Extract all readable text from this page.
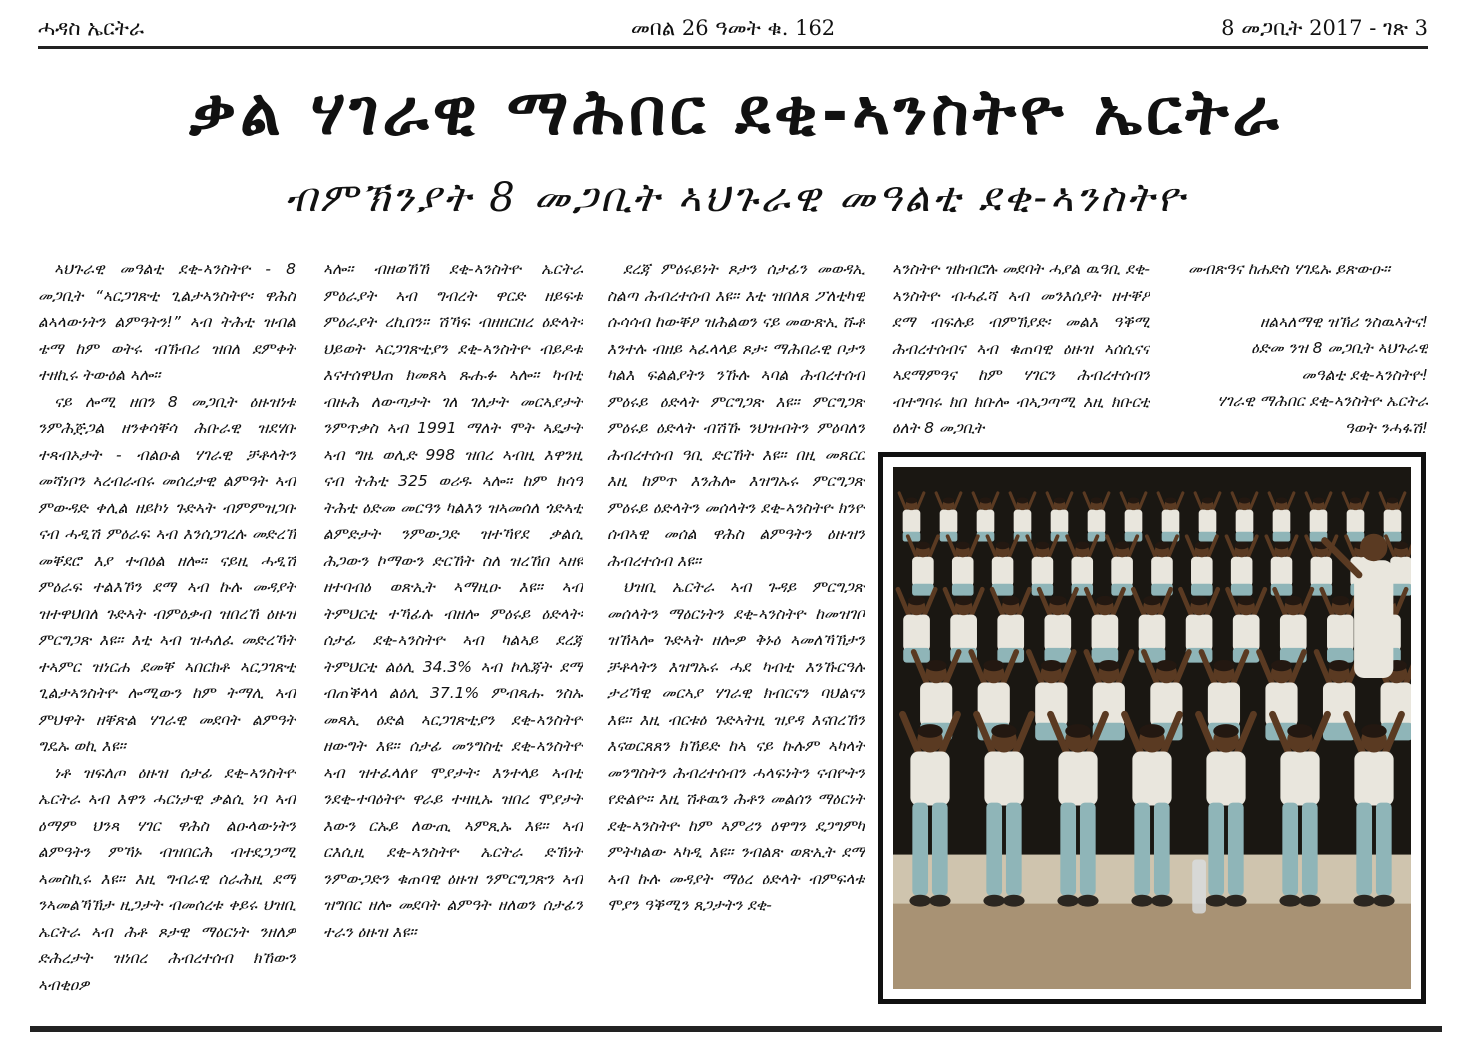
ሓዳስ ኤርትራ	መበል 26 ዓመት ቁ. 162	8 መጋቢት 2017 - ገጽ 3
ቃል ሃገራዊ ማሕበር ደቂ-ኣንስትዮ ኤርትራ
ብምኽንያት 8 መጋቢት ኣህጉራዊ መዓልቲ ደቂ-ኣንስትዮ

ኣህጉራዊ መዓልቲ ደቂ-ኣንስትዮ - 8 መጋቢት “ኣርጋገጽቲ ጊልታኣንስትዮ፡ ዋሕስ ልኣላውነትን ልምዓትን!” ኣብ ትሕቲ ዝብል ቴማ ከም ወትሩ ብኽብሪ ዝበለ ደምቀት ተዘኪሩ ትውዕል ኣሎ።

ናይ ሎሚ ዘበን 8 መጋቢት ዕዙዝነቱ ንምሕጅጋል ዘንቀሳቐሳ ሕቡራዊ ዝደሃቡ ተጻብኦታት - ብልዑል ሃገራዊ ቻቶላትን መሻነቦን ኣረብራብሩ መሰረታዊ ልምዓት ኣብ ምውዳድ ቀሊል ዘይኮነ ጉድኣት ብምምዝጋቡ ናብ ሓዲሽ ምዕራፍ ኣብ እንሰጋገረሉ መድረኽ መቐደሮ እያ ተብዕል ዘሎ። ናይዚ ሓዲሽ ምዕራፍ ተልእኾን ደማ ኣብ ኩሉ መዳያት ዝተዋህበለ ጉድኣት ብምዕቃብ ዝበረኸ ዕዙዝ ምርግጋጽ እዩ። እቲ ኣብ ዝሓለፈ መድረኻት ተኣምር ዝነርሐ ደመቐ ኣበርክቶ ኣርጋገጽቲ ጊልታኣንስትዮ ሎሚውን ከም ትማሊ ኣብ ምህዋት ዘቐጽል ሃገራዊ መደባት ልምዓት ግዴኡ ወኪ እዩ።

ነቶ ዝፍለጦ ዕዙዝ ሰታፊ ደቂ-ኣንስትዮ ኤርትራ ኣብ እዋን ሓርነታዊ ቃልሲ ነባ ኣብ ዕማም ህንጻ ሃገር ዋሕስ ልዑላውነትን ልምዓትን ምኻኑ ብዝበርሕ ብተደጋጋሚ ኣመስኪሩ እዩ። እዚ ግብራዊ ሰራሕዚ ደማ ንኣመልኻኽታ ዚጋታት ብመሰረቱ ቀይሩ ህዝቢ ኤርትራ ኣብ ሕቶ ጾታዊ ማዕርነት ንዘለዎ ድሕረታት ዝነበረ ሕብረተሰብ ክኸውን ኣብቂዐዎ

ኣሎ። ብዘወኸኸ ደቂ-ኣንስትዮ ኤርትራ ምዕራያት ኣብ ግብረት ዋርድ ዘይፍቱ ምዕራያት ረኪበን። ሽኻፍ ብዘዘርዘረ ዕድላት፡ ህይወት ኣርጋገጽቲያን ደቂ-ኣንስትዮ ብይዶቱ እናተሰዋህጠ ክመጸኣ ጹሑፉ ኣሎ። ካብቲ ብዙሕ ለውጣታት ገለ ገለታት መርኣያታት ንምጥቃስ ኣብ 1991 ማለት ሞት ኣዴታት ኣብ ግዜ ወሊድ 998 ዝበረ ኣብዚ እዋንዚ ናብ ትሕቲ 325 ወሪዱ ኣሎ። ከም ክሳዓ ትሕቲ ዕድመ መርዓን ካልእን ዝኣመሰለ ጎድኣቲ ልምድታት ንምውጋድ ዝተኻየደ ቃልሲ ሕጋውን ኮማውን ድርኸት ስለ ዝረኸበ ኣዘዩ ዘተባብዕ ወጽኢት ኣማዚዑ እዩ። ኣብ ትምህርቲ ተኻፊሉ ብዘሎ ምዕሩይ ዕድላት፡ ሰታፊ ደቂ-ኣንስትዮ ኣብ ካልኣይ ደረጃ ትምህርቲ ልዕሊ 34.3% ኣብ ኮሌጃት ደማ ብጠቕላላ ልዕሊ 37.1% ምብጻሑ ንስኡ መጻኢ ዕድል ኣርጋገጽቲያን ደቂ-ኣንስትዮ ዘውግት እዩ። ሰታፊ መንግስቲ ደቂ-ኣንስትዮ ኣብ ዝተፈላለየ ሞያታት፡ እንተላይ ኣብቲ ንደቂ-ተባዕትዮ ዋራይ ተዛዚኡ ዝበረ ሞያታት እውን ርኡይ ለውጢ ኣምጺኡ እዩ። ኣብ ርእሲዚ ደቂ-ኣንስትዮ ኤርትራ ድኽነት ንምውጋድን ቁጠባዊ ዕዙዝ ንምርግጋጽን ኣብ ዝግበር ዘሎ መደባት ልምዓት ዘለወን ሰታፊን ተራን ዕዙዝ እዩ።

ደረጃ ምዕሩይነት ጾታን ሰታፊን መወዳኢ ስልጣ ሕብረተሰብ እዩ። እቲ ዝበለጸ ፖለቲካዊ ሱሳሳብ ከውቐዖ ዝሕልወን ናይ መውጽኢ ሹቶ እንተሉ ብዘይ ኣፈላላይ ጾታ፡ ማሕበራዊ ቦታን ካልእ ፍልልያትን ንኹሉ ኣባል ሕብረተሰብ ምዕሩይ ዕድላት ምርግጋጽ እዩ። ምርግጋጽ ምዕሩይ ዕድላት ብሽኹ ንህዝብትን ምዕባለን ሕብረተሰብ ዓቢ ድርኸት እዩ። በዚ መጸርር እዚ ከምጥ እንሕሎ እዝግኡሩ ምርግጋጽ ምዕሩይ ዕድላትን መሰላትን ደቂ-ኣንስትዮ ክንዮ ሰብኣዊ መሰል ዋሕስ ልምዓትን ዕዙዝን ሕብረተሰብ እዩ።

ህዝቢ ኤርትራ ኣብ ጉዳይ ምርግጋጽ መሰላትን ማዕርነትን ደቂ-ኣንስትዮ ከመዝገቦ ዝኸኣሎ ጉድኣት ዘሎዎ ቅኑዕ ኣመለኻኽታን ቻቶላትን እዝግኡሩ ሓደ ካብቲ እንኹርዓሉ ታሪኻዊ መርኣያ ሃገራዊ ክብርናን ባህልናን እዩ። እዚ ብርቱዕ ጉድኣትዚ ዝያዳ እናበረኸን እናወርጸጸን ክኸይድ ከኣ ናይ ኩሉም ኣካላት መንግስትን ሕብረተሰብን ሓላፍነትን ናብዮትን የድልዮ። እዚ ሽቶዉን ሕቶን መልሰን ማዕርነት ደቂ-ኣንስትዮ ከም ኣምሪን ዕዋግን ደጋግምካ ምትካልው ኣካዲ እዩ። ንብልጽ ወጽኢት ደማ ኣብ ኩሉ መዳያት ማዕረ ዕድላት ብምፍላቱ ሞያን ዓቕሚን ጸጋታትን ደቂ-

ኣንስትዮ ዝከብሮሉ መደባት ሓያል ዉዓቢ ደቂ-ኣንስትዮ ብሓፈሻ ኣብ መንእሰያት ዘተቐዖ ደማ ብፍሉይ ብምኽያድ፡ መልእ ዓቕሚ ሕብረተሰብና ኣብ ቁጠባዊ ዕዙዝ ኣሰሲናና ኣደማምዓና ከም ሃገርን ሕብረተሰብን ብተግባሩ ክበ ክቡሎ ብኣጋጣሚ እዚ ክቡርቲ ዕለት 8 መጋቢት

መብጽዓና ከሐድስ ሃገዴኡ ይጽውዑ።

ዘልኣለማዊ ዝኽሪ ንስዉኣትና!
ዕድመ ንዝ 8 መጋቢት ኣህጉራዊ
መዓልቲ ደቂ-ኣንስትዮ!
ሃገራዊ ማሕበር ደቂ-ኣንስትዮ ኤርትራ
ዓወት ንሓፋሽ!
